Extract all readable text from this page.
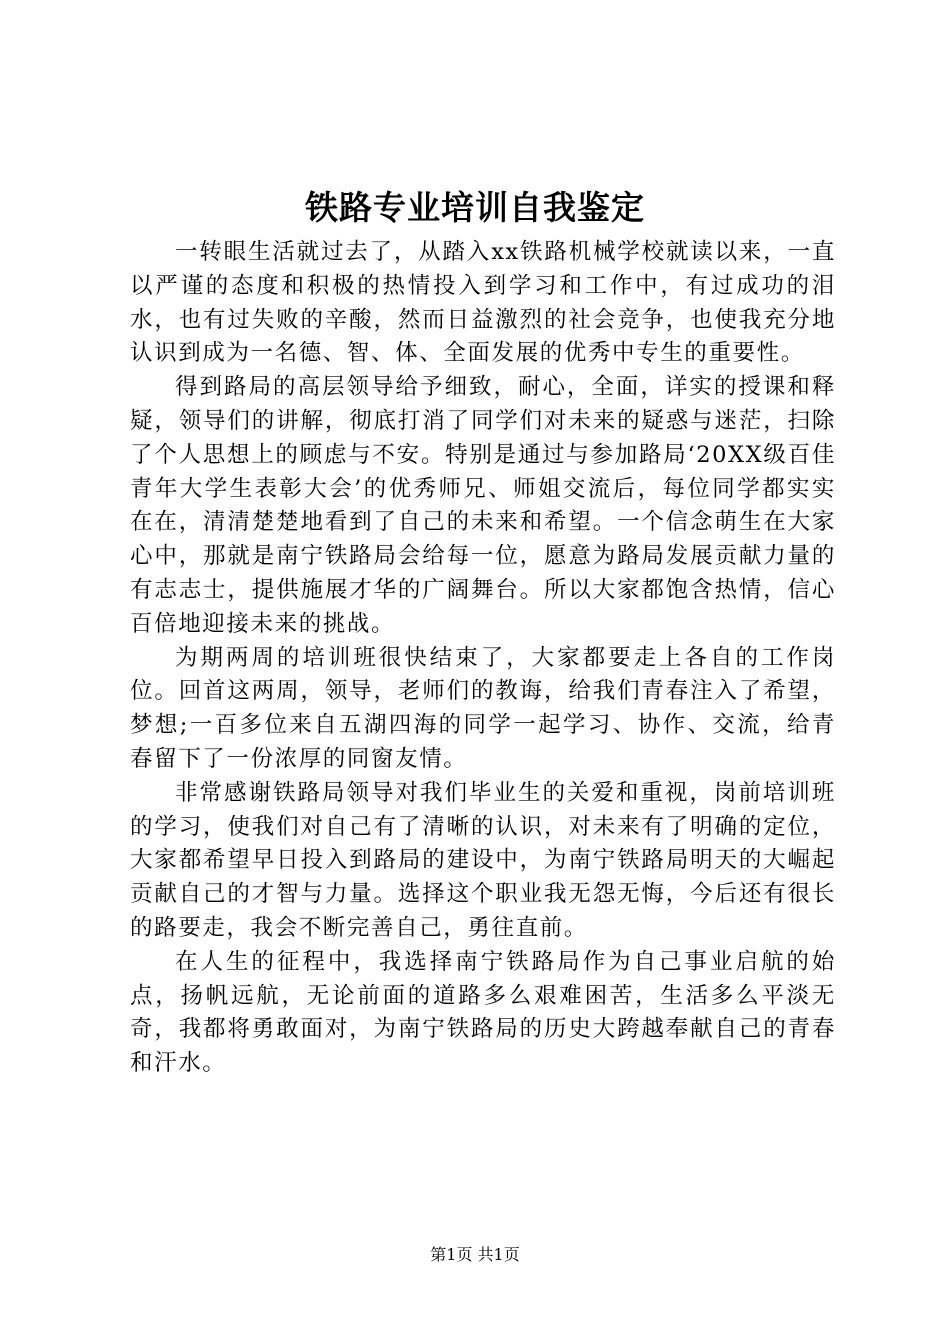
铁路专业培训自我鉴定

一转眼生活就过去了，从踏入xx铁路机械学校就读以来，一直以严谨的态度和积极的热情投入到学习和工作中，有过成功的泪水，也有过失败的辛酸，然而日益激烈的社会竞争，也使我充分地认识到成为一名德、智、体、全面发展的优秀中专生的重要性。

得到路局的高层领导给予细致，耐心，全面，详实的授课和释疑，领导们的讲解，彻底打消了同学们对未来的疑惑与迷茫，扫除了个人思想上的顾虑与不安。特别是通过与参加路局‘20XX级百佳青年大学生表彰大会’的优秀师兄、师姐交流后，每位同学都实实在在，清清楚楚地看到了自己的未来和希望。一个信念萌生在大家心中，那就是南宁铁路局会给每一位，愿意为路局发展贡献力量的有志志士，提供施展才华的广阔舞台。所以大家都饱含热情，信心百倍地迎接未来的挑战。

为期两周的培训班很快结束了，大家都要走上各自的工作岗位。回首这两周，领导，老师们的教诲，给我们青春注入了希望，梦想;一百多位来自五湖四海的同学一起学习、协作、交流，给青春留下了一份浓厚的同窗友情。

非常感谢铁路局领导对我们毕业生的关爱和重视，岗前培训班的学习，使我们对自己有了清晰的认识，对未来有了明确的定位，大家都希望早日投入到路局的建设中，为南宁铁路局明天的大崛起贡献自己的才智与力量。选择这个职业我无怨无悔，今后还有很长的路要走，我会不断完善自己，勇往直前。

在人生的征程中，我选择南宁铁路局作为自己事业启航的始点，扬帆远航，无论前面的道路多么艰难困苦，生活多么平淡无奇，我都将勇敢面对，为南宁铁路局的历史大跨越奉献自己的青春和汗水。

第1页 共1页
